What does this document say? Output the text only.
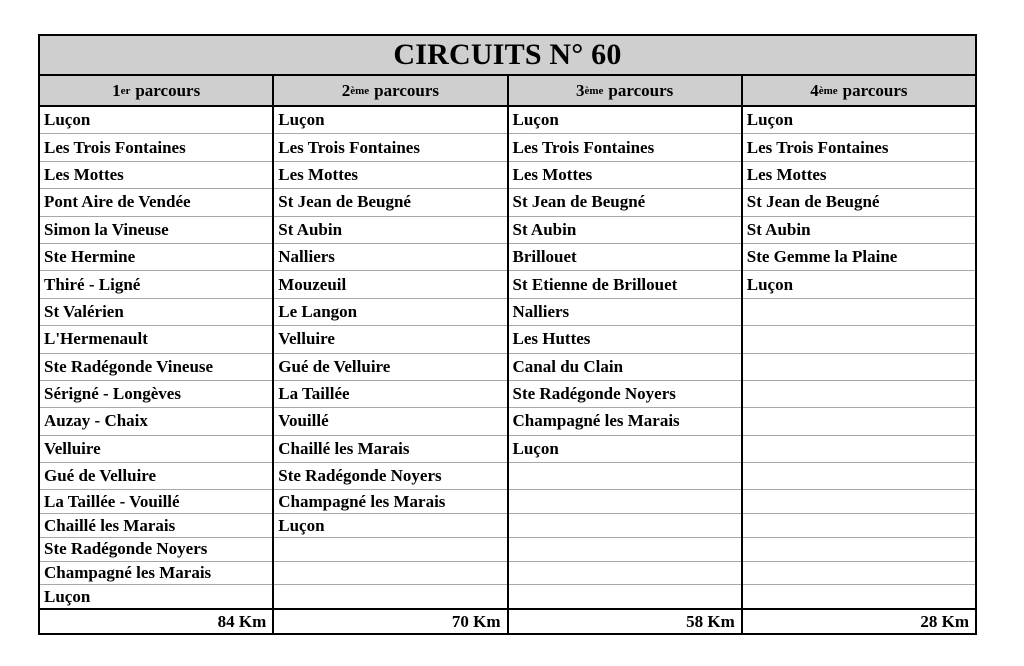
CIRCUITS N° 60
1 er parcours
Luçon
Les Trois Fontaines
Les Mottes
Pont Aire de Vendée
Simon la Vineuse
Ste Hermine
Thiré - Ligné
St Valérien
L'Hermenault
Ste Radégonde Vineuse
Sérigné - Longèves
Auzay - Chaix
Velluire
Gué de Velluire
La Taillée - Vouillé
Chaillé les Marais
Ste Radégonde Noyers
Champagné les Marais
Luçon
84 Km
2 ème parcours
Luçon
Les Trois Fontaines
Les Mottes
St Jean de Beugné
St Aubin
Nalliers
Mouzeuil
Le Langon
Velluire
Gué de Velluire
La Taillée
Vouillé
Chaillé les Marais
Ste Radégonde Noyers
Champagné les Marais
Luçon
70 Km
3 ème parcours
Luçon
Les Trois Fontaines
Les Mottes
St Jean de Beugné
St Aubin
Brillouet
St Etienne de Brillouet
Nalliers
Les Huttes
Canal du Clain
Ste Radégonde Noyers
Champagné les Marais
Luçon
58 Km
4 ème parcours
Luçon
Les Trois Fontaines
Les Mottes
St Jean de Beugné
St Aubin
Ste Gemme la Plaine
Luçon
28 Km
